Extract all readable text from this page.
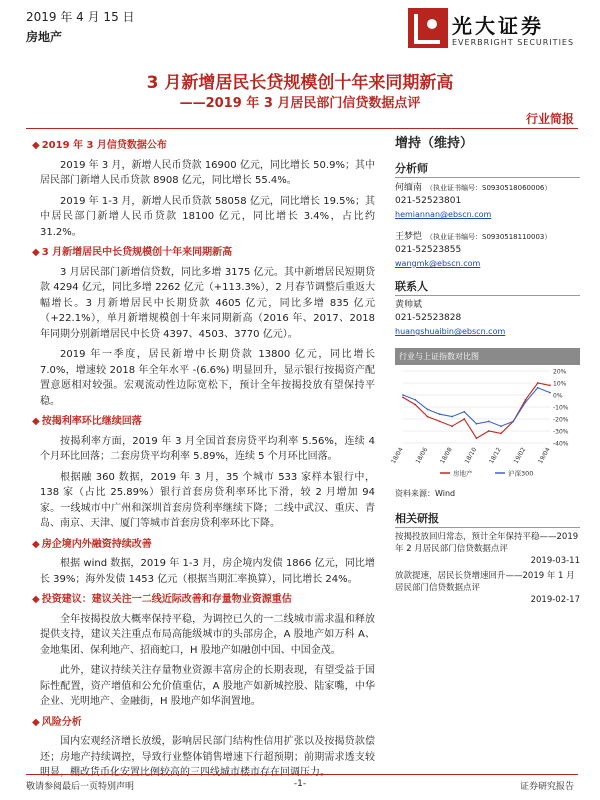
2019 年 4 月 15 日
房地产	光大证券
EVERBRIGHT SECURITIES
3 月新增居民长贷规模创十年来同期新高
——2019 年 3 月居民部门信贷数据点评
行业简报
◆ 2019 年 3 月信贷数据公布

2019 年 3 月，新增人民币贷款 16900 亿元，同比增长 50.9%；其中居民部门新增人民币贷款 8908 亿元，同比增长 55.4%。

2019 年 1-3 月，新增人民币贷款 58058 亿元，同比增长 19.5%；其中居民部门新增人民币贷款 18100 亿元，同比增长 3.4%，占比约 31.2%。

◆ 3 月新增居民中长贷规模创十年来同期新高

3 月居民部门新增信贷数，同比多增 3175 亿元。其中新增居民短期贷款 4294 亿元，同比多增 2262 亿元（+113.3%），2 月春节调整后重返大幅增长。3 月新增居民中长期贷款 4605 亿元，同比多增 835 亿元（+22.1%），单月新增规模创十年来同期新高（2016 年、2017、2018 年同期分别新增居民中长贷 4397、4503、3770 亿元）。

2019 年一季度，居民新增中长期贷款 13800 亿元，同比增长 7.0%，增速较 2018 年全年水平 -(6.6%) 明显回升，显示银行按揭资产配置意愿相对较强。宏观流动性边际宽松下，预计全年按揭投放有望保持平稳。

◆ 按揭利率环比继续回落

按揭利率方面，2019 年 3 月全国首套房贷平均利率 5.56%，连续 4 个月环比回落；二套房贷平均利率 5.89%，连续 5 个月环比回落。

根据融 360 数据，2019 年 3 月，35 个城市 533 家样本银行中，138 家（占比 25.89%）银行首套房贷利率环比下滑，较 2 月增加 94 家。一线城市中广州和深圳首套房贷利率继续下降；二线中武汉、重庆、青岛、南京、天津、厦门等城市首套房贷利率环比下降。

◆ 房企境内外融资持续改善

根据 wind 数据，2019 年 1-3 月，房企境内发债 1866 亿元，同比增长 39%；海外发债 1453 亿元（根据当期汇率换算），同比增长 24%。

◆ 投资建议：建议关注一二线近际改善和存量物业资源重估

全年按揭投放大概率保持平稳，为调控已久的一二线城市需求温和释放提供支持，建议关注重点布局高能级城市的头部房企，A 股地产如万科 A、金地集团、保利地产、招商蛇口，H 股地产如融创中国、中国金茂。

此外，建议持续关注存量物业资源丰富房企的长期表现，有望受益于国际性配置，资产增值和公允价值重估，A 股地产如新城控股、陆家嘴，中华企业、光明地产、金融街，H 股地产如华润置地。

◆ 风险分析

国内宏观经济增长放缓，影响居民部门结构性信用扩张以及按揭贷款偿还；房地产持续调控，导致行业整体销售增速下行超预期；前期需求透支较明显，棚改货币化安置比例较高的三四线城市楼市存在回调压力。

增持（维持）
分析师
何缅南 （执业证书编号：S0930518060006）
021-52523801
hemiannan@ebscn.com
王梦恺 （执业证书编号：S0930518110003）
021-52523855
wangmk@ebscn.com
联系人
黄帅斌
021-52523828
huangshuaibin@ebscn.com
行业与上证指数对比图
20%
10%
0%
-10%
-20%
-30%
-40%
18/04 18/06 18/08 18/10 18/12 19/02 19/04
房地产	沪深300
资料来源：Wind
相关研报
按揭投放回归常态，预计全年保持平稳——2019 年 2 月居民部门信贷数据点评
2019-03-11
放款提速，居民长贷增速回升——2019 年 1 月居民部门信贷数据点评
2019-02-17
敬请参阅最后一页特别声明	-1-	证券研究报告
